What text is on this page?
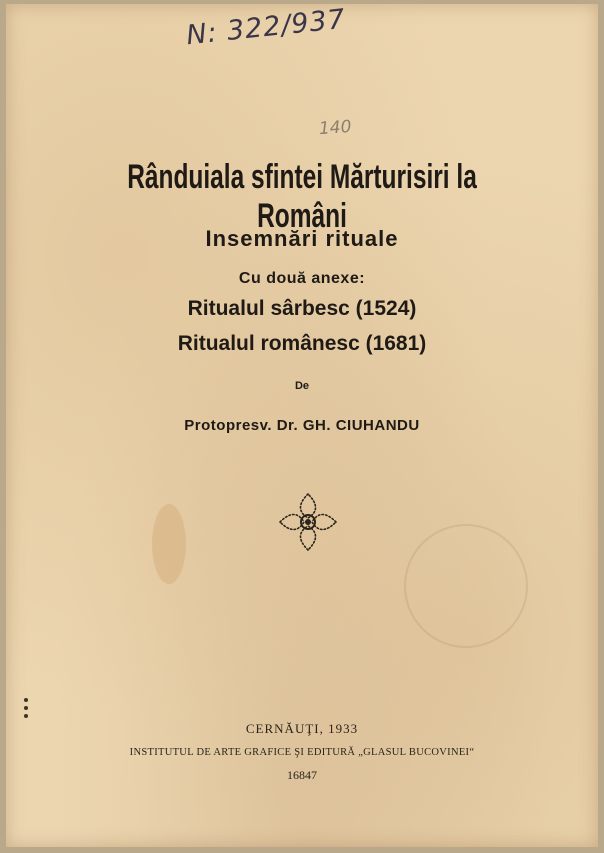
N: 322/937
140
Rânduiala sfintei Mărturisiri la Români
Insemnări rituale
Cu două anexe:
Ritualul sârbesc (1524)
Ritualul românesc (1681)
De
Protopresv. Dr. GH. CIUHANDU
CERNĂUŢI, 1933
INSTITUTUL DE ARTE GRAFICE ŞI EDITURĂ „GLASUL BUCOVINEI“
16847
